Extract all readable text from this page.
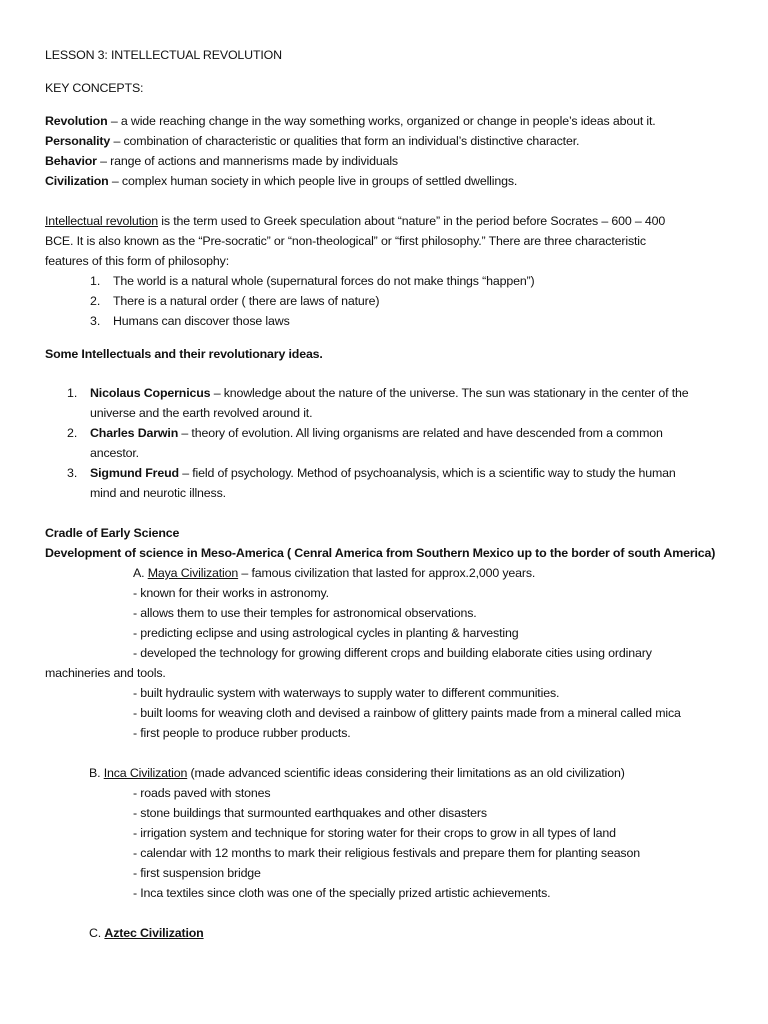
LESSON 3: INTELLECTUAL REVOLUTION
KEY CONCEPTS:
Revolution – a wide reaching change in the way something works, organized or change in people’s ideas about it.
Personality – combination of characteristic or qualities that form an individual’s distinctive character.
Behavior – range of actions and mannerisms made by individuals
Civilization – complex human society in which people live in groups of settled dwellings.
Intellectual revolution is the term used to Greek speculation about “nature” in the period before Socrates – 600 – 400
BCE. It is also known as the “Pre-socratic” or “non-theological” or “first philosophy.” There are three characteristic
features of this form of philosophy:
1. The world is a natural whole (supernatural forces do not make things “happen”)
2. There is a natural order ( there are laws of nature)
3. Humans can discover those laws
Some Intellectuals and their revolutionary ideas.
1. Nicolaus Copernicus – knowledge about the nature of the universe. The sun was stationary in the center of the
universe and the earth revolved around it.
2. Charles Darwin – theory of evolution. All living organisms are related and have descended from a common
ancestor.
3. Sigmund Freud – field of psychology. Method of psychoanalysis, which is a scientific way to study the human
mind and neurotic illness.
Cradle of Early Science
Development of science in Meso-America ( Cenral America from Southern Mexico up to the border of south America)
A. Maya Civilization – famous civilization that lasted for approx.2,000 years.
- known for their works in astronomy.
- allows them to use their temples for astronomical observations.
- predicting eclipse and using astrological cycles in planting & harvesting
- developed the technology for growing different crops and building elaborate cities using ordinary
machineries and tools.
- built hydraulic system with waterways to supply water to different communities.
- built looms for weaving cloth and devised a rainbow of glittery paints made from a mineral called mica
- first people to produce rubber products.
B. Inca Civilization (made advanced scientific ideas considering their limitations as an old civilization)
- roads paved with stones
- stone buildings that surmounted earthquakes and other disasters
- irrigation system and technique for storing water for their crops to grow in all types of land
- calendar with 12 months to mark their religious festivals and prepare them for planting season
- first suspension bridge
- Inca textiles since cloth was one of the specially prized artistic achievements.
C. Aztec Civilization
